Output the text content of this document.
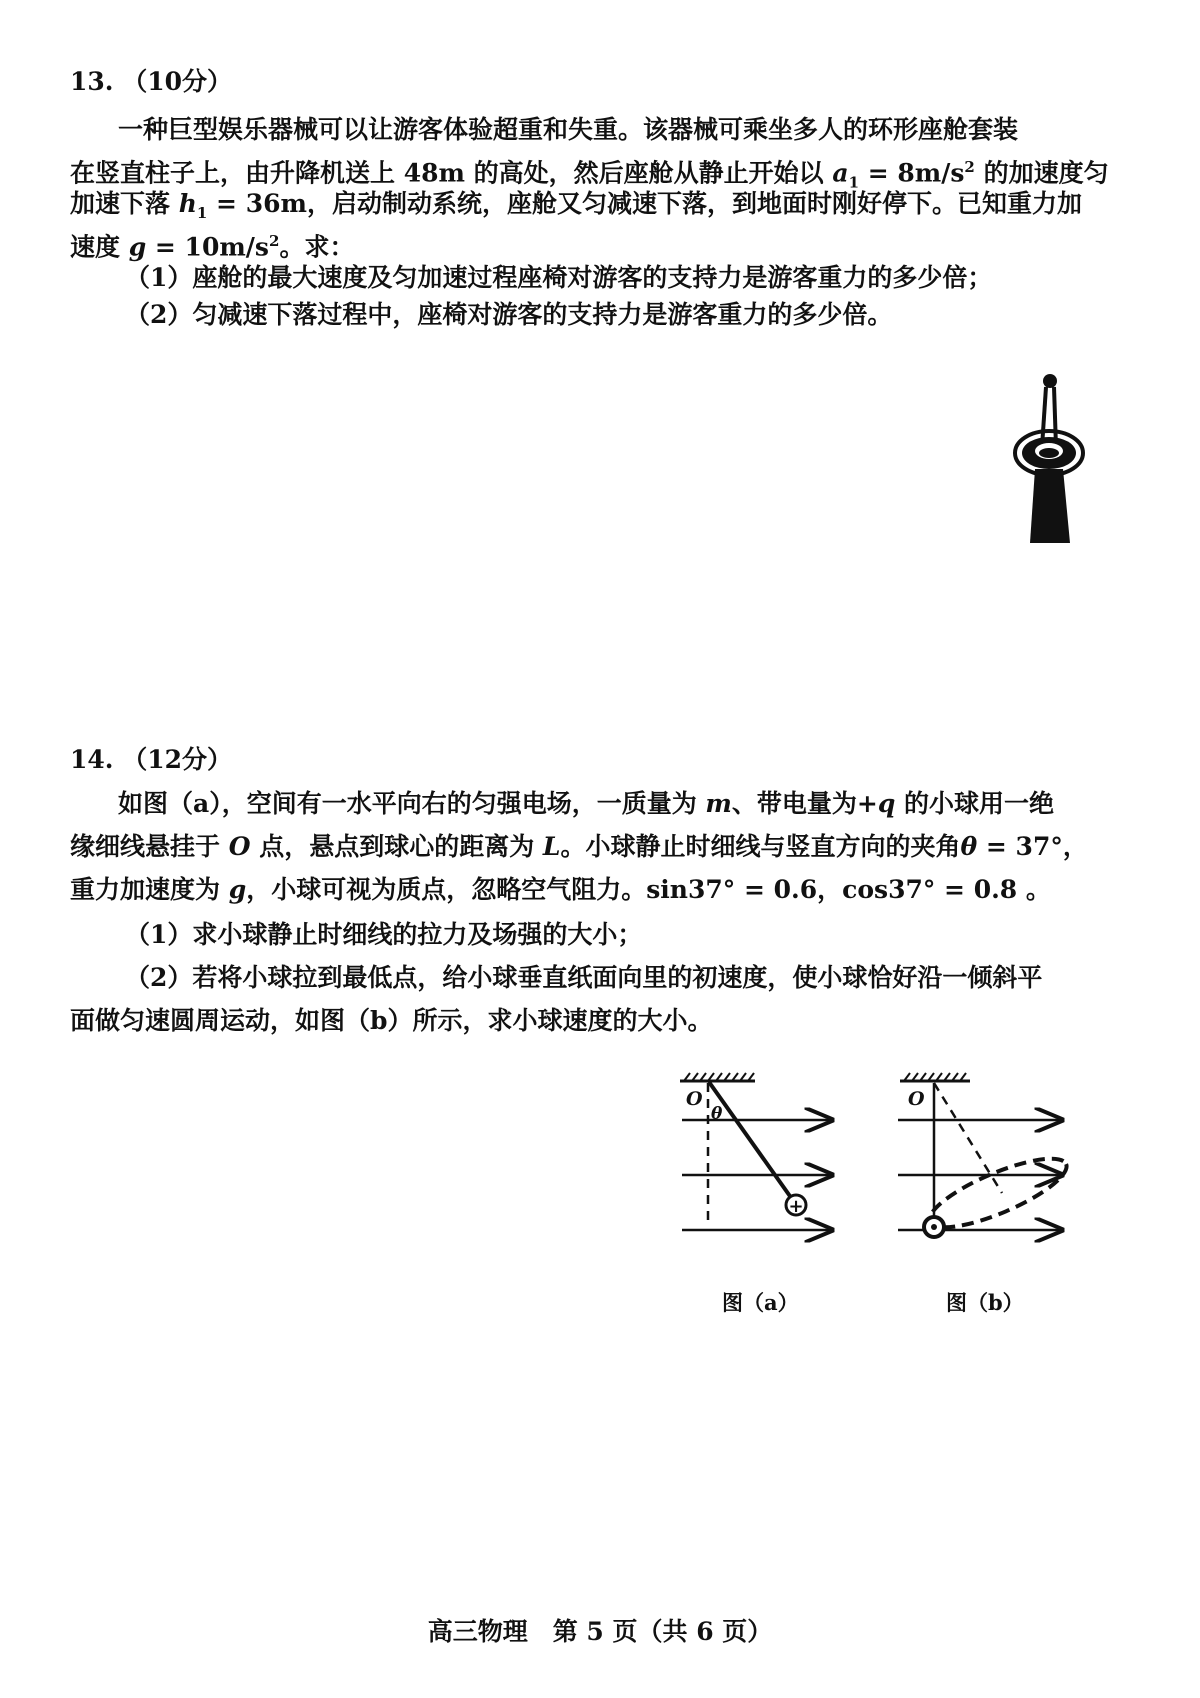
13. （10分）
一种巨型娱乐器械可以让游客体验超重和失重。该器械可乘坐多人的环形座舱套装
在竖直柱子上，由升降机送上 48m 的高处，然后座舱从静止开始以 $a_1 = 8m/s^2$ 的加速度匀
加速下落 $h_1 = 36m$，启动制动系统，座舱又匀减速下落，到地面时刚好停下。已知重力加
速度 $g = 10m/s^2$。求：
（1）座舱的最大速度及匀加速过程座椅对游客的支持力是游客重力的多少倍；
（2）匀减速下落过程中，座椅对游客的支持力是游客重力的多少倍。
14. （12分）
如图（a），空间有一水平向右的匀强电场，一质量为 m、带电量为+q 的小球用一绝
缘细线悬挂于 O 点，悬点到球心的距离为 L。小球静止时细线与竖直方向的夹角θ = 37°，
重力加速度为 g，小球可视为质点，忽略空气阻力。sin37° = 0.6，cos37° = 0.8 。
（1）求小球静止时细线的拉力及场强的大小；
（2）若将小球拉到最低点，给小球垂直纸面向里的初速度，使小球恰好沿一倾斜平
面做匀速圆周运动，如图（b）所示，求小球速度的大小。
+
O
θ
图（a）
O
图（b）
高三物理　第 5 页（共 6 页）
